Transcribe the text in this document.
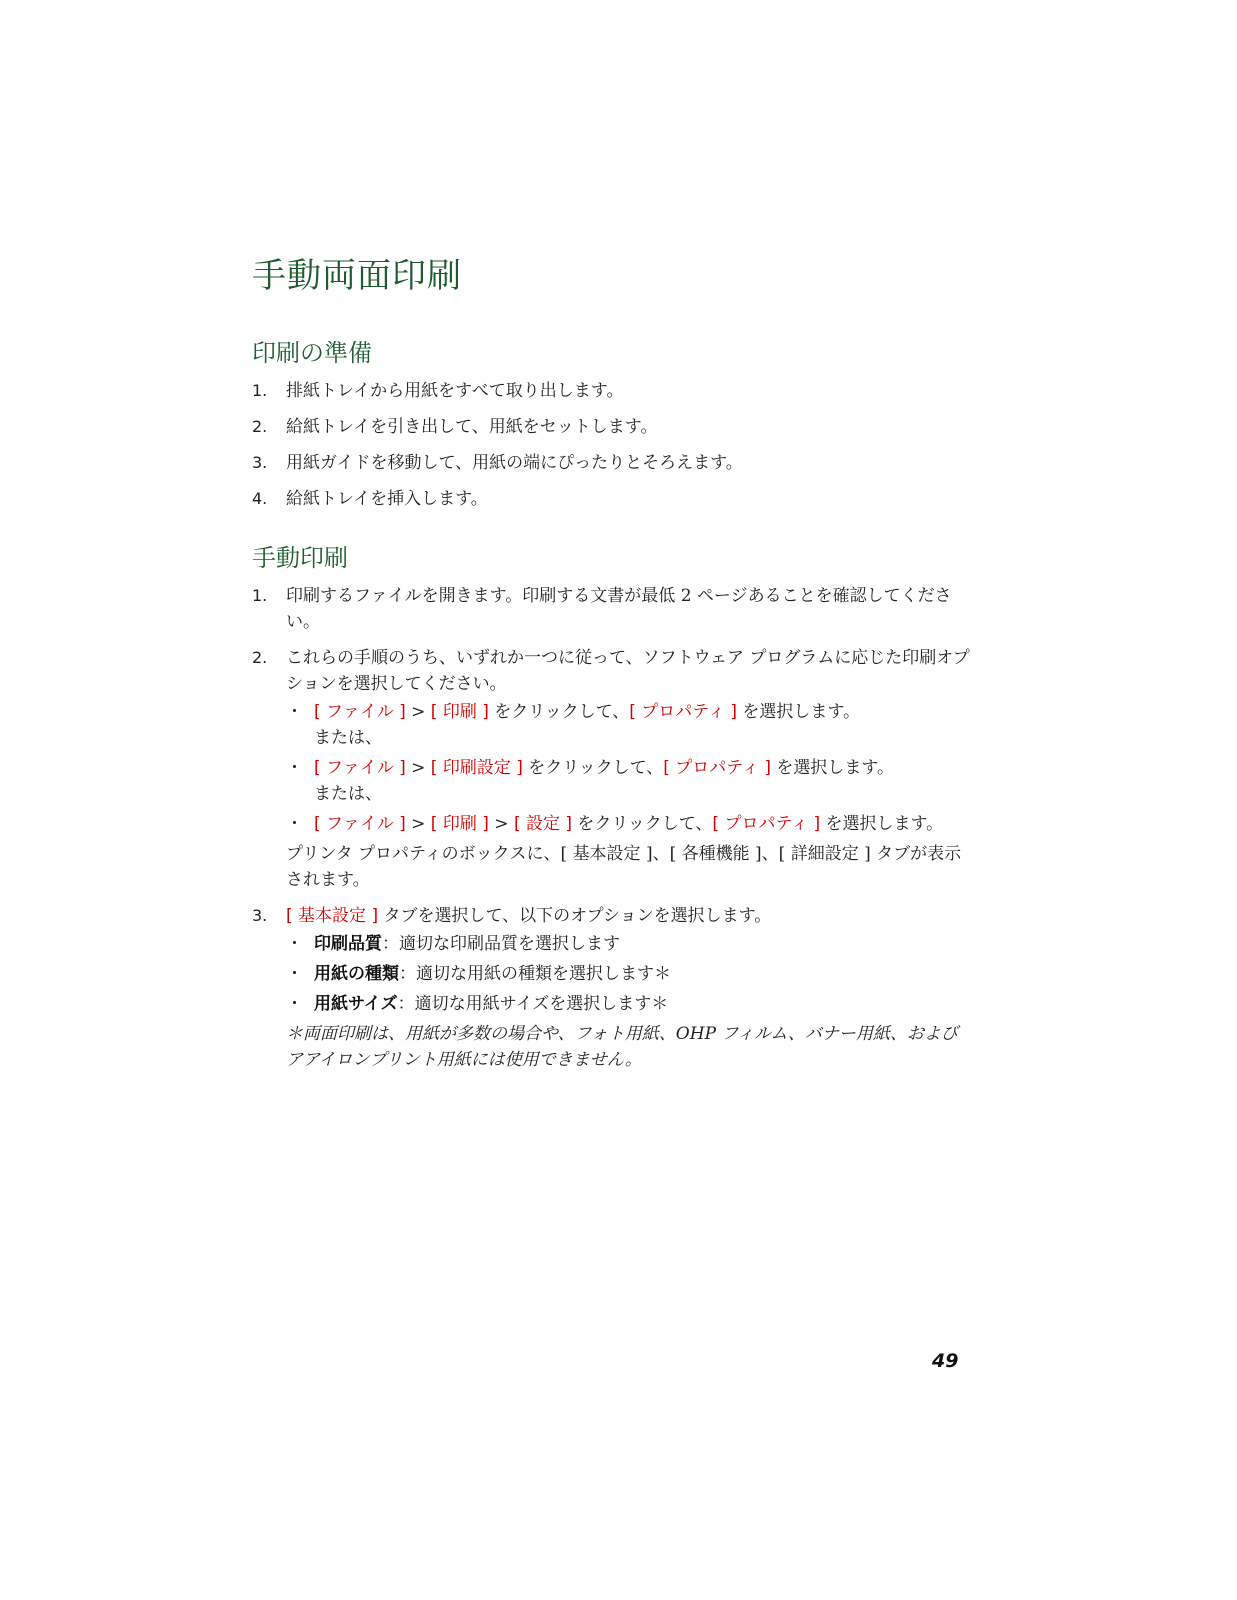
手動両面印刷
印刷の準備
1. 排紙トレイから用紙をすべて取り出します。
2. 給紙トレイを引き出して、用紙をセットします。
3. 用紙ガイドを移動して、用紙の端にぴったりとそろえます。
4. 給紙トレイを挿入します。
手動印刷
1. 印刷するファイルを開きます。印刷する文書が最低 2 ページあることを確認してください。
2. これらの手順のうち、いずれか一つに従って、ソフトウェア プログラムに応じた印刷オプションを選択してください。
・ [ ファイル ] > [ 印刷 ] をクリックして、[ プロパティ ] を選択します。
または、
・ [ ファイル ] > [ 印刷設定 ] をクリックして、[ プロパティ ] を選択します。
または、
・ [ ファイル ] > [ 印刷 ] > [ 設定 ] をクリックして、[ プロパティ ] を選択します。
プリンタ プロパティのボックスに、[ 基本設定 ]、[ 各種機能 ]、[ 詳細設定 ] タブが表示されます。
3. [ 基本設定 ] タブを選択して、以下のオプションを選択します。
・ 印刷品質：適切な印刷品質を選択します
・ 用紙の種類：適切な用紙の種類を選択します＊
・ 用紙サイズ：適切な用紙サイズを選択します＊
＊両面印刷は、用紙が多数の場合や、フォト用紙、OHP フィルム、バナー用紙、およびアアイロンプリント用紙には使用できません。
49
